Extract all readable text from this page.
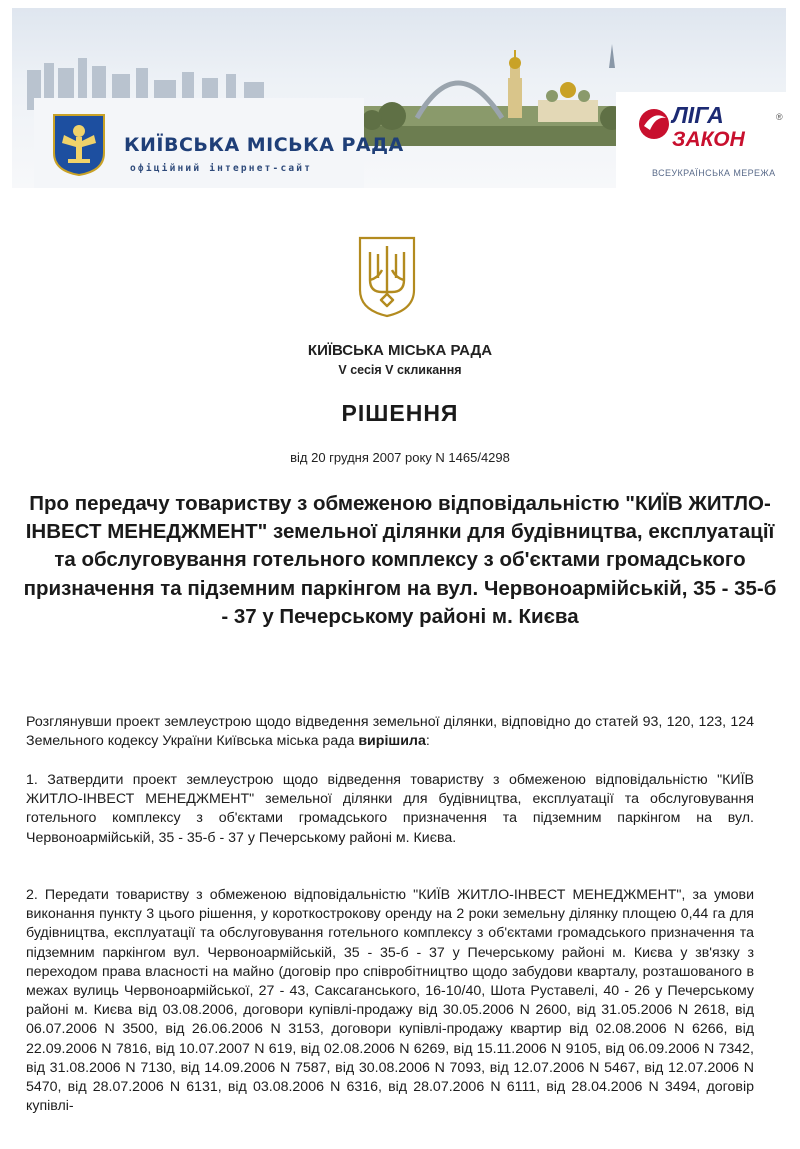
КИЇВСЬКА МІСЬКА РАДА
офіційний інтернет-сайт
ЛІГА
ЗАКОН
®
ВСЕУКРАЇНСЬКА МЕРЕЖА
КИЇВСЬКА МІСЬКА РАДА
V сесія V скликання
РІШЕННЯ
від 20 грудня 2007 року N 1465/4298
Про передачу товариству з обмеженою відповідальністю "КИЇВ ЖИТЛО-ІНВЕСТ МЕНЕДЖМЕНТ" земельної ділянки для будівництва, експлуатації та обслуговування готельного комплексу з об'єктами громадського призначення та підземним паркінгом на вул. Червоноармійській, 35 - 35-б - 37 у Печерському районі м. Києва
Розглянувши проект землеустрою щодо відведення земельної ділянки, відповідно до статей 93, 120, 123, 124 Земельного кодексу України Київська міська рада вирішила:
1. Затвердити проект землеустрою щодо відведення товариству з обмеженою відповідальністю "КИЇВ ЖИТЛО-ІНВЕСТ МЕНЕДЖМЕНТ" земельної ділянки для будівництва, експлуатації та обслуговування готельного комплексу з об'єктами громадського призначення та підземним паркінгом на вул. Червоноармійській, 35 - 35-б - 37 у Печерському районі м. Києва.
2. Передати товариству з обмеженою відповідальністю "КИЇВ ЖИТЛО-ІНВЕСТ МЕНЕДЖМЕНТ", за умови виконання пункту 3 цього рішення, у короткострокову оренду на 2 роки земельну ділянку площею 0,44 га для будівництва, експлуатації та обслуговування готельного комплексу з об'єктами громадського призначення та підземним паркінгом вул. Червоноармійській, 35 - 35-б - 37 у Печерському районі м. Києва у зв'язку з переходом права власності на майно (договір про співробітництво щодо забудови кварталу, розташованого в межах вулиць Червоноармійської, 27 - 43, Саксаганського, 16-10/40, Шота Руставелі, 40 - 26 у Печерському районі м. Києва від 03.08.2006, договори купівлі-продажу від 30.05.2006 N 2600, від 31.05.2006 N 2618, від 06.07.2006 N 3500, від 26.06.2006 N 3153, договори купівлі-продажу квартир від 02.08.2006 N 6266, від 22.09.2006 N 7816, від 10.07.2007 N 619, від 02.08.2006 N 6269, від 15.11.2006 N 9105, від 06.09.2006 N 7342, від 31.08.2006 N 7130, від 14.09.2006 N 7587, від 30.08.2006 N 7093, від 12.07.2006 N 5467, від 12.07.2006 N 5470, від 28.07.2006 N 6131, від 03.08.2006 N 6316, від 28.07.2006 N 6111, від 28.04.2006 N 3494, договір купівлі-
